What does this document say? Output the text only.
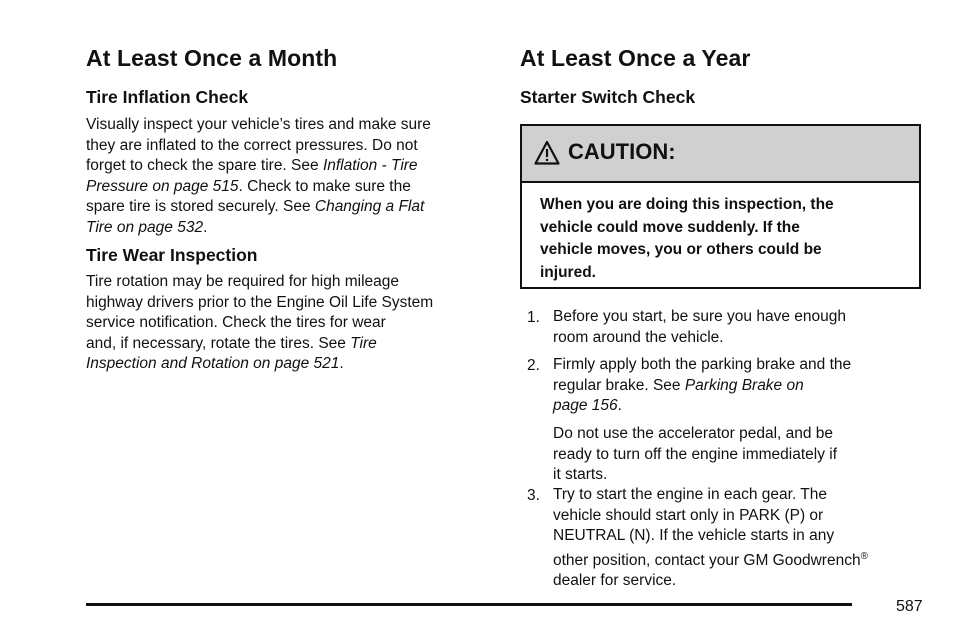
At Least Once a Month
Tire Inflation Check

Visually inspect your vehicle’s tires and make sure
they are inflated to the correct pressures. Do not
forget to check the spare tire. See Inflation - Tire
Pressure on page 515. Check to make sure the
spare tire is stored securely. See Changing a Flat
Tire on page 532.

Tire Wear Inspection

Tire rotation may be required for high mileage
highway drivers prior to the Engine Oil Life System
service notification. Check the tires for wear
and, if necessary, rotate the tires. See Tire
Inspection and Rotation on page 521.

At Least Once a Year
Starter Switch Check
CAUTION:
When you are doing this inspection, the
vehicle could move suddenly. If the
vehicle moves, you or others could be
injured.
1. Before you start, be sure you have enough
room around the vehicle.
2. Firmly apply both the parking brake and the
regular brake. See Parking Brake on
page 156.
Do not use the accelerator pedal, and be
ready to turn off the engine immediately if
it starts.
3. Try to start the engine in each gear. The
vehicle should start only in PARK (P) or
NEUTRAL (N). If the vehicle starts in any
other position, contact your GM Goodwrench®
dealer for service.
587
